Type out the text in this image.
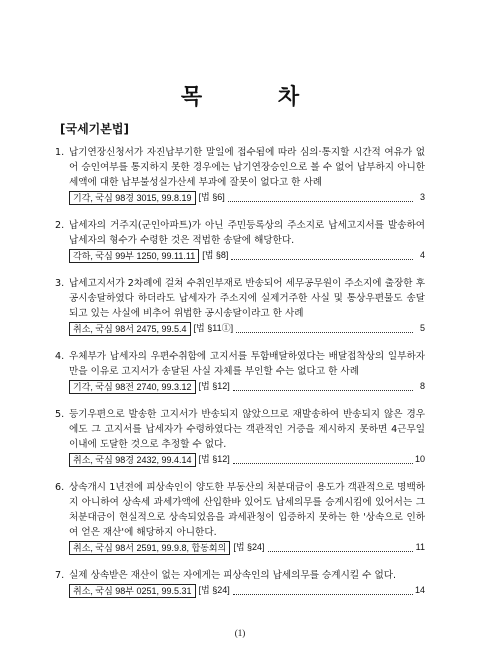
목 차
[국세기본법]
1. 납기연장신청서가 자진납부기한 말일에 접수됨에 따라 심의·통지할 시간적 여유가 없어 승인여부를 통지하지 못한 경우에는 납기연장승인으로 볼 수 없어 납부하지 아니한 세액에 대한 납부불성실가산세 부과에 잘못이 없다고 한 사례
기각, 국심 98경 3015, 99.8.19 [법 §6]	3
2. 납세자의 거주지(군인아파트)가 아닌 주민등록상의 주소지로 납세고지서를 발송하여 납세자의 형수가 수령한 것은 적법한 송달에 해당한다.
각하, 국심 99부 1250, 99.11.11 [법 §8]	4
3. 납세고지서가 2차례에 걸쳐 수취인부재로 반송되어 세무공무원이 주소지에 출장한 후 공시송달하였다 하더라도 납세자가 주소지에 실제거주한 사실 및 통상우편물도 송달되고 있는 사실에 비추어 위법한 공시송달이라고 한 사례
취소, 국심 98서 2475, 99.5.4 [법 §11①]	5
4. 우체부가 납세자의 우편수취함에 고지서를 투함배달하였다는 배달접착상의 일부하자만을 이유로 고지서가 송달된 사실 자체를 부인할 수는 없다고 한 사례
기각, 국심 98전 2740, 99.3.12 [법 §12]	8
5. 등기우편으로 발송한 고지서가 반송되지 않았으므로 재발송하여 반송되지 않은 경우에도 그 고지서를 납세자가 수령하였다는 객관적인 거증을 제시하지 못하면 4근무일 이내에 도달한 것으로 추정할 수 없다.
취소, 국심 98경 2432, 99.4.14 [법 §12]	10
6. 상속개시 1년전에 피상속인이 양도한 부동산의 처분대금이 용도가 객관적으로 명백하지 아니하여 상속세 과세가액에 산입한바 있어도 납세의무를 승계시킴에 있어서는 그 처분대금이 현실적으로 상속되었음을 과세관청이 입증하지 못하는 한 '상속으로 인하여 얻은 재산'에 해당하지 아니한다.
취소, 국심 98서 2591, 99.9.8, 합동회의 [법 §24]	11
7. 실제 상속받은 재산이 없는 자에게는 피상속인의 납세의무를 승계시킬 수 없다.
취소, 국심 98부 0251, 99.5.31 [법 §24]	14
(1)
